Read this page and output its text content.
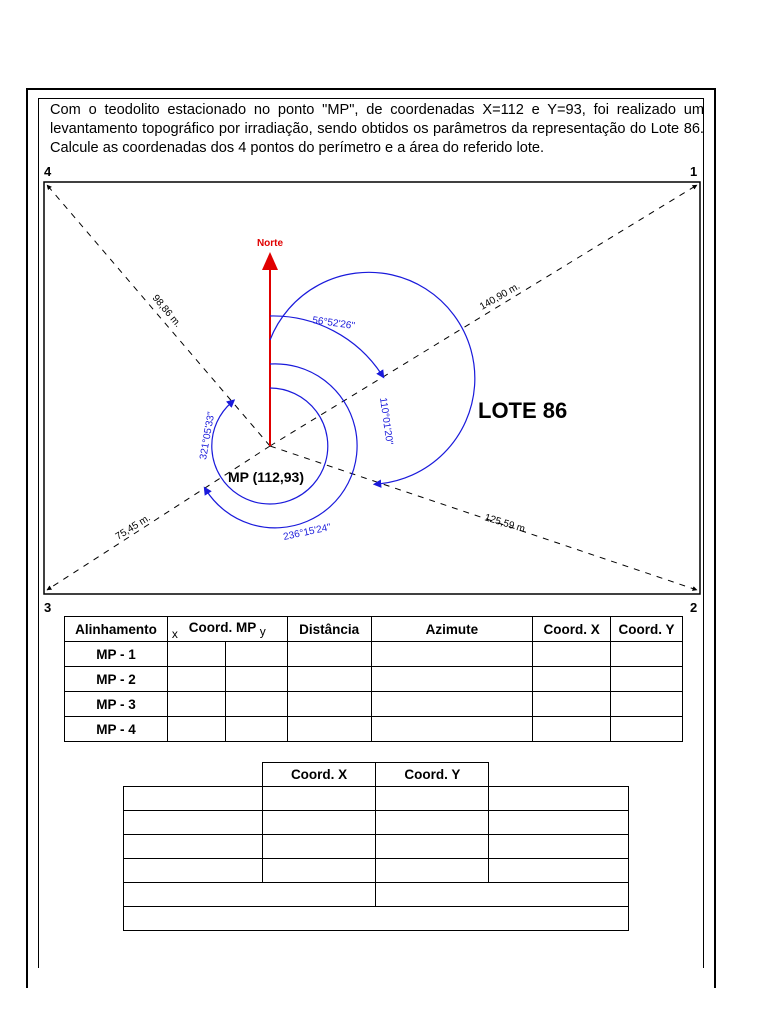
Com o teodolito estacionado no ponto "MP", de coordenadas X=112 e Y=93, foi realizado um levantamento topográfico por irradiação, sendo obtidos os parâmetros da representação do Lote 86. Calcule as coordenadas dos 4 pontos do perímetro e a área do referido lote.
Norte
56°52'26"
110°01'20"
236°15'24"
321°05'33"
140,90 m.
125,59 m.
75,45 m.
98,86 m.
MP (112,93)
LOTE 86
1
2
3
4
Alinhamento	x Coord. MP y		Distância	Azimute	Coord. X	Coord. Y
MP - 1						
MP - 2						
MP - 3						
MP - 4						
	Coord. X	Coord. Y	
